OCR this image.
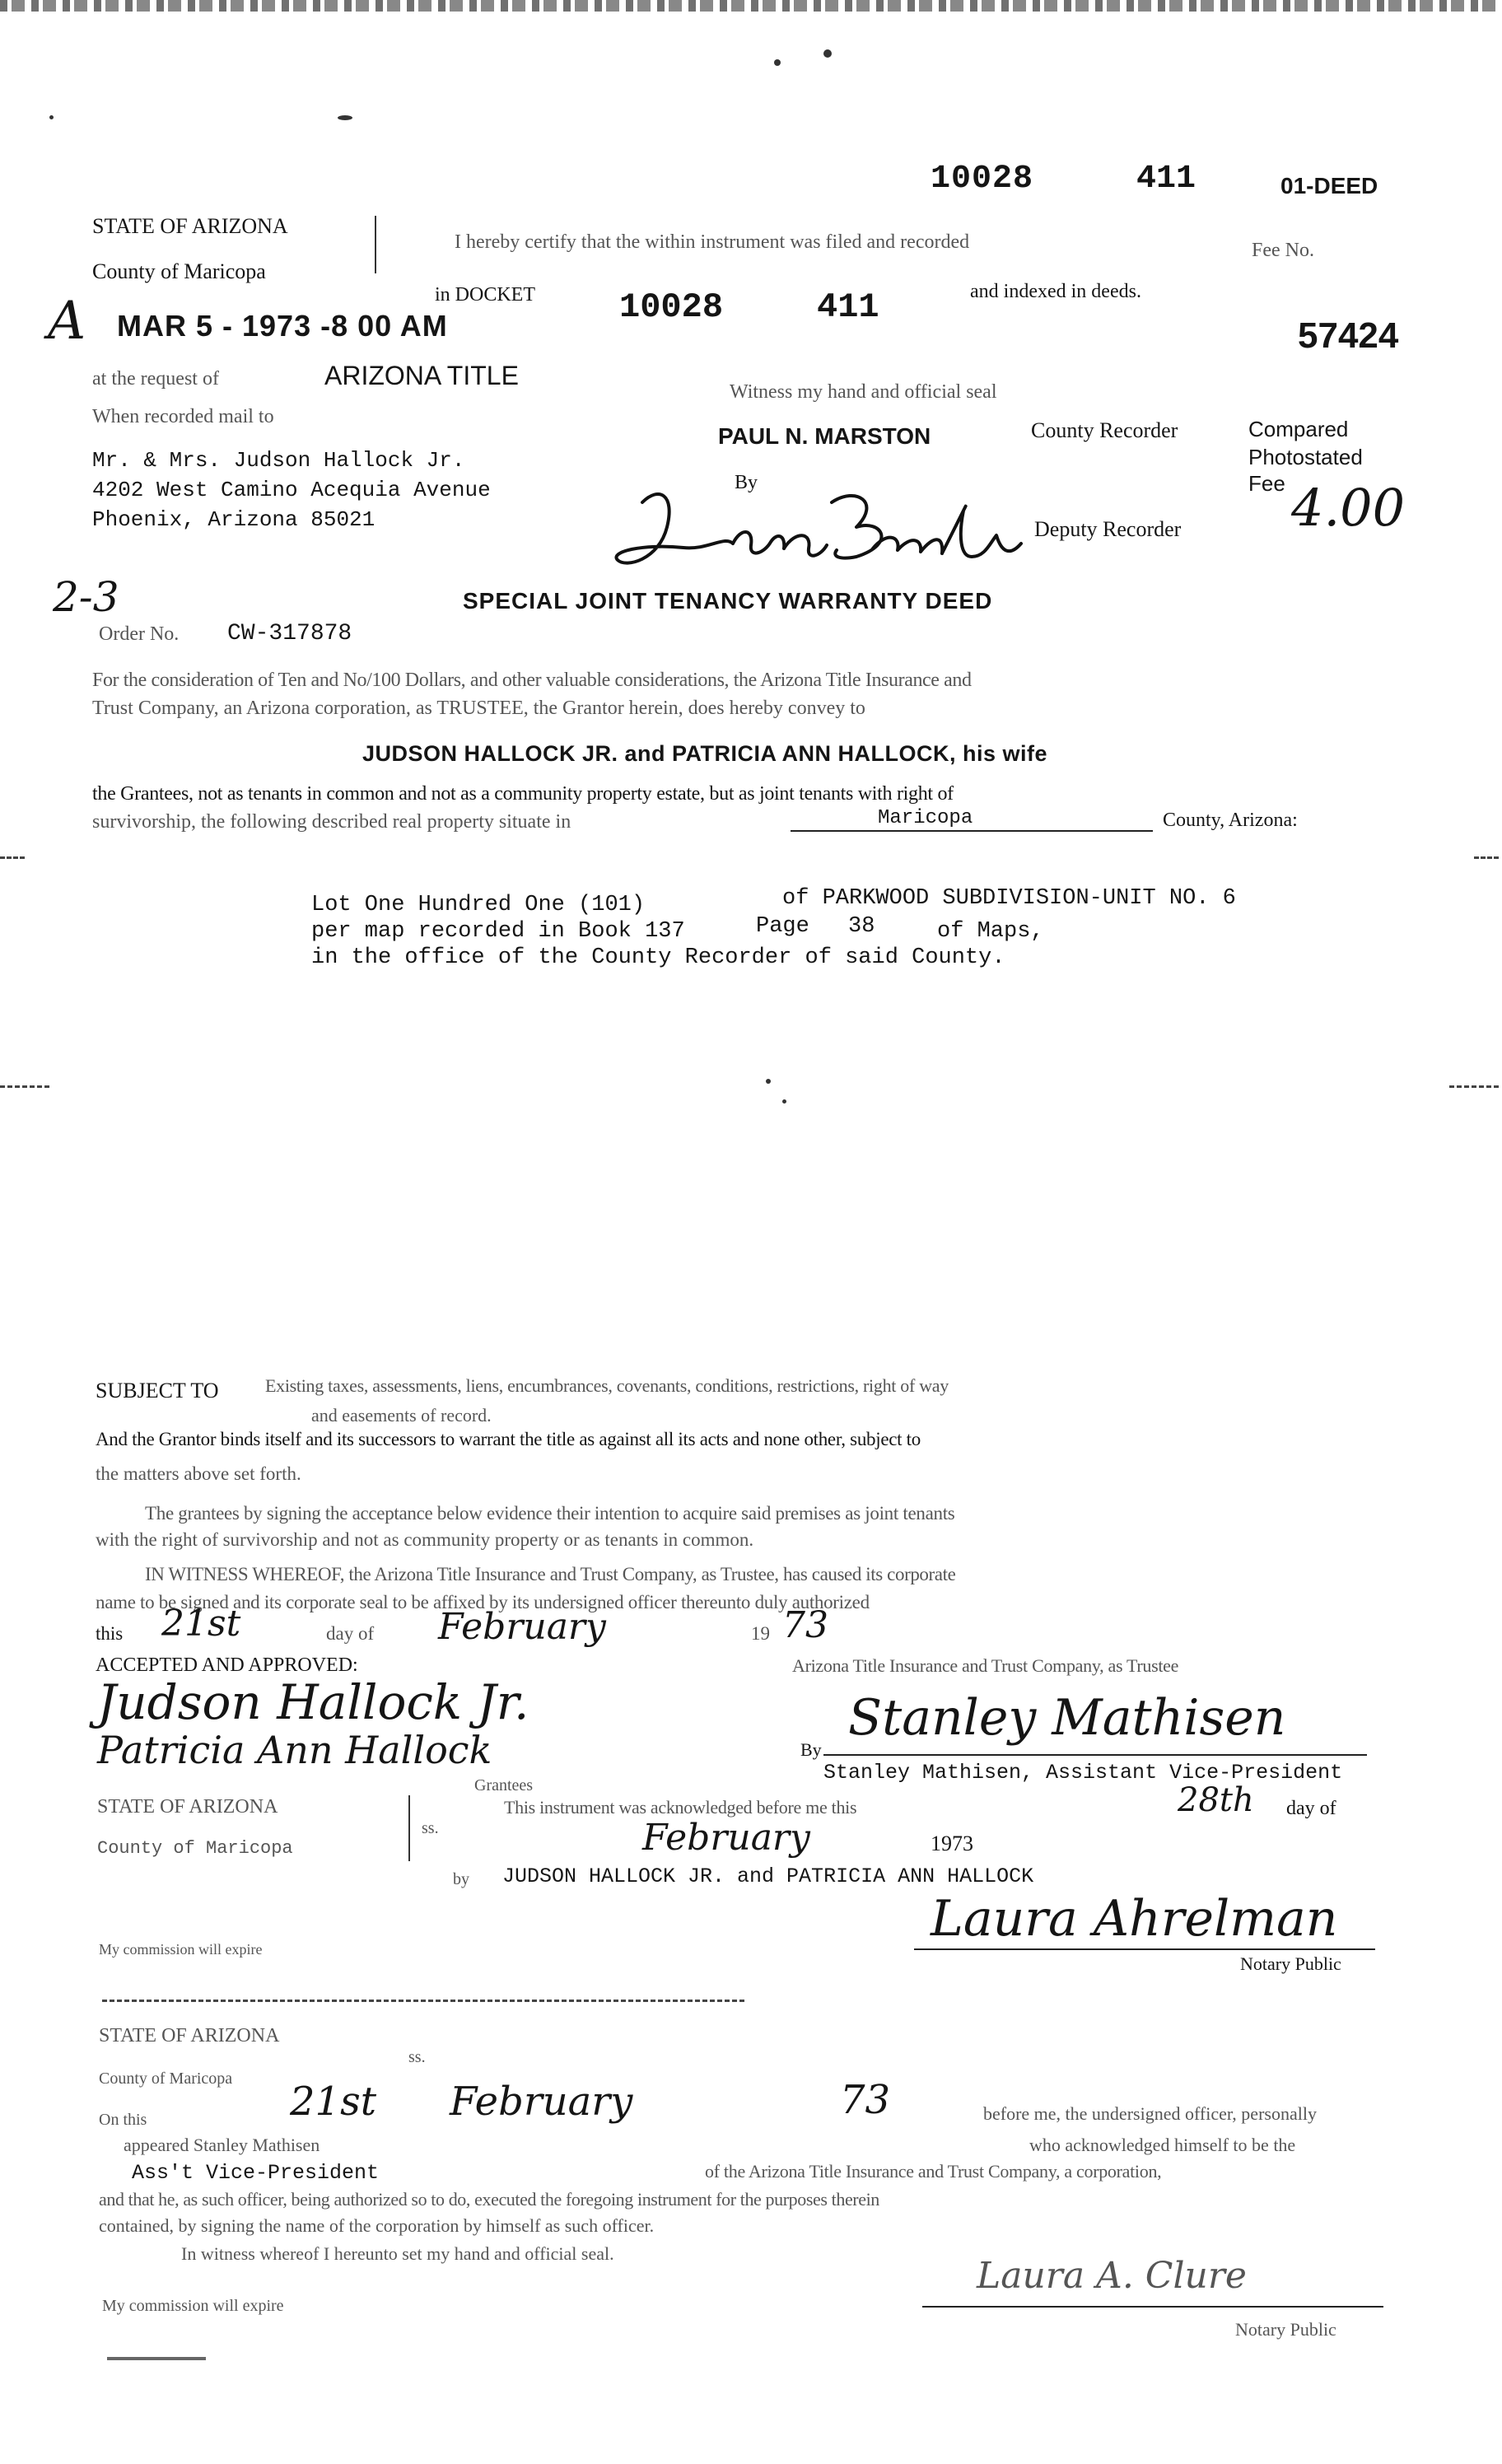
10028	411	01-DEED
STATE OF ARIZONA
County of Maricopa
I hereby certify that the within instrument was filed and recorded	Fee No.
A MAR 5 - 1973 -8 00 AM
in DOCKET 10028	411	and indexed in deeds.
57424
at the request of	ARIZONA TITLE
Witness my hand and official seal
When recorded mail to
PAUL N. MARSTON	County Recorder	Compared
Photostated
Fee 4.00
Mr. & Mrs. Judson Hallock Jr.
4202 West Camino Acequia Avenue
Phoenix, Arizona 85021
By
Deputy Recorder
2-3	SPECIAL JOINT TENANCY WARRANTY DEED
Order No. CW-317878
For the consideration of Ten and No/100 Dollars, and other valuable considerations, the Arizona Title Insurance and
Trust Company, an Arizona corporation, as TRUSTEE, the Grantor herein, does hereby convey to
JUDSON HALLOCK JR. and PATRICIA ANN HALLOCK, his wife
the Grantees, not as tenants in common and not as a community property estate, but as joint tenants with right of
survivorship, the following described real property situate in	Maricopa	County, Arizona:
Lot One Hundred One (101)	of PARKWOOD SUBDIVISION-UNIT NO. 6
per map recorded in Book 137	Page 38	of Maps,
in the office of the County Recorder of said County.
SUBJECT TO	Existing taxes, assessments, liens, encumbrances, covenants, conditions, restrictions, right of way
and easements of record.
And the Grantor binds itself and its successors to warrant the title as against all its acts and none other, subject to
the matters above set forth.
The grantees by signing the acceptance below evidence their intention to acquire said premises as joint tenants
with the right of survivorship and not as community property or as tenants in common.
IN WITNESS WHEREOF, the Arizona Title Insurance and Trust Company, as Trustee, has caused its corporate
name to be signed and its corporate seal to be affixed by its undersigned officer thereunto duly authorized
this 21st	day of February	19 73
ACCEPTED AND APPROVED:	Arizona Title Insurance and Trust Company, as Trustee
Judson Hallock Jr.
Patricia Ann Hallock
Grantees
By
Stanley Mathisen
Stanley Mathisen, Assistant Vice-President
STATE OF ARIZONA
County of Maricopa
ss.
This instrument was acknowledged before me this	28th day of
February	1973
by JUDSON HALLOCK JR. and PATRICIA ANN HALLOCK
My commission will expire
Laura Ahrelman
Notary Public
STATE OF ARIZONA
County of Maricopa
ss.
On this	21st February	73	before me, the undersigned officer, personally
appeared Stanley Mathisen	who acknowledged himself to be the
Ass't Vice-President	of the Arizona Title Insurance and Trust Company, a corporation,
and that he, as such officer, being authorized so to do, executed the foregoing instrument for the purposes therein
contained, by signing the name of the corporation by himself as such officer.
In witness whereof I hereunto set my hand and official seal.
My commission will expire
Laura A. Clure
Notary Public
